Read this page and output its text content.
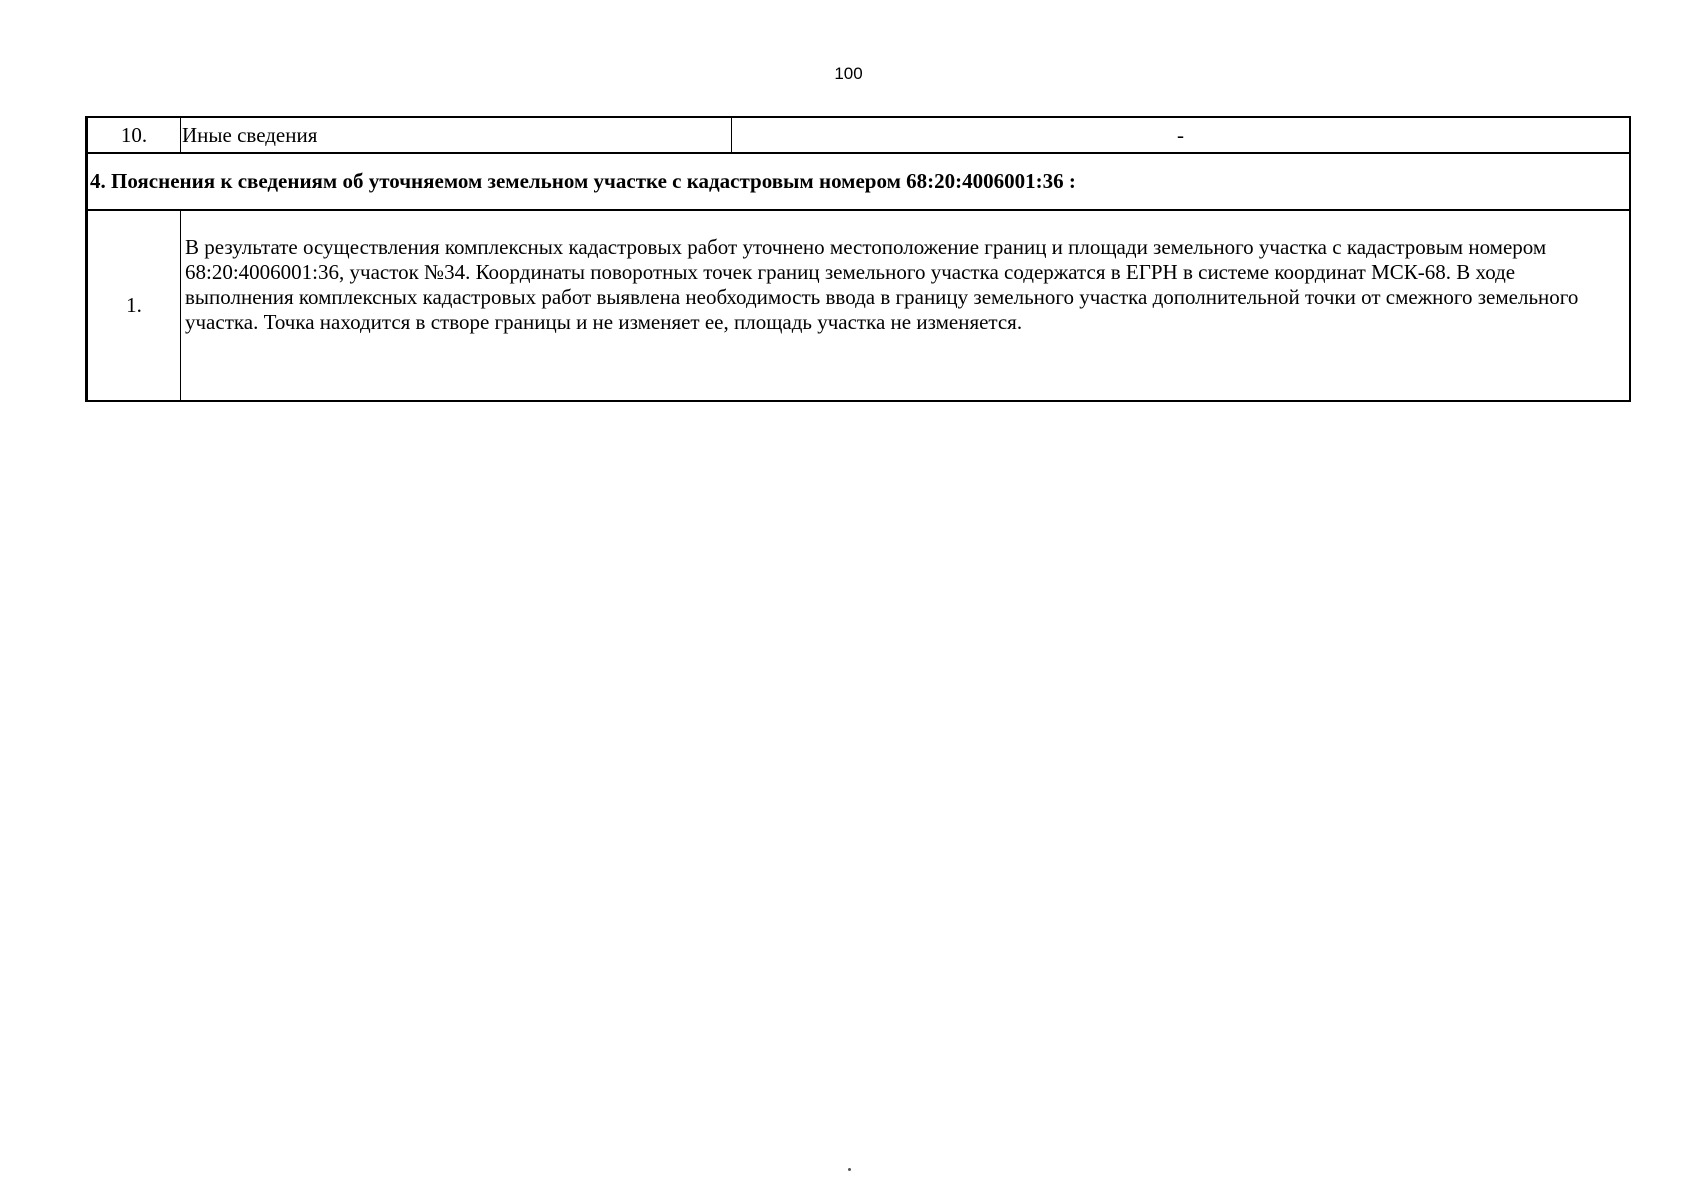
100
10.	Иные сведения	-
4. Пояснения к сведениям об уточняемом земельном участке с кадастровым номером 68:20:4006001:36 :		
1.	В результате осуществления комплексных кадастровых работ уточнено местоположение границ и площади земельного участка с кадастровым номером 68:20:4006001:36, участок №34. Координаты поворотных точек границ земельного участка содержатся в ЕГРН в системе координат МСК-68. В ходе выполнения комплексных кадастровых работ выявлена необходимость ввода в границу земельного участка дополнительной точки от смежного земельного участка. Точка находится в створе границы и не изменяет ее, площадь участка не изменяется.	
